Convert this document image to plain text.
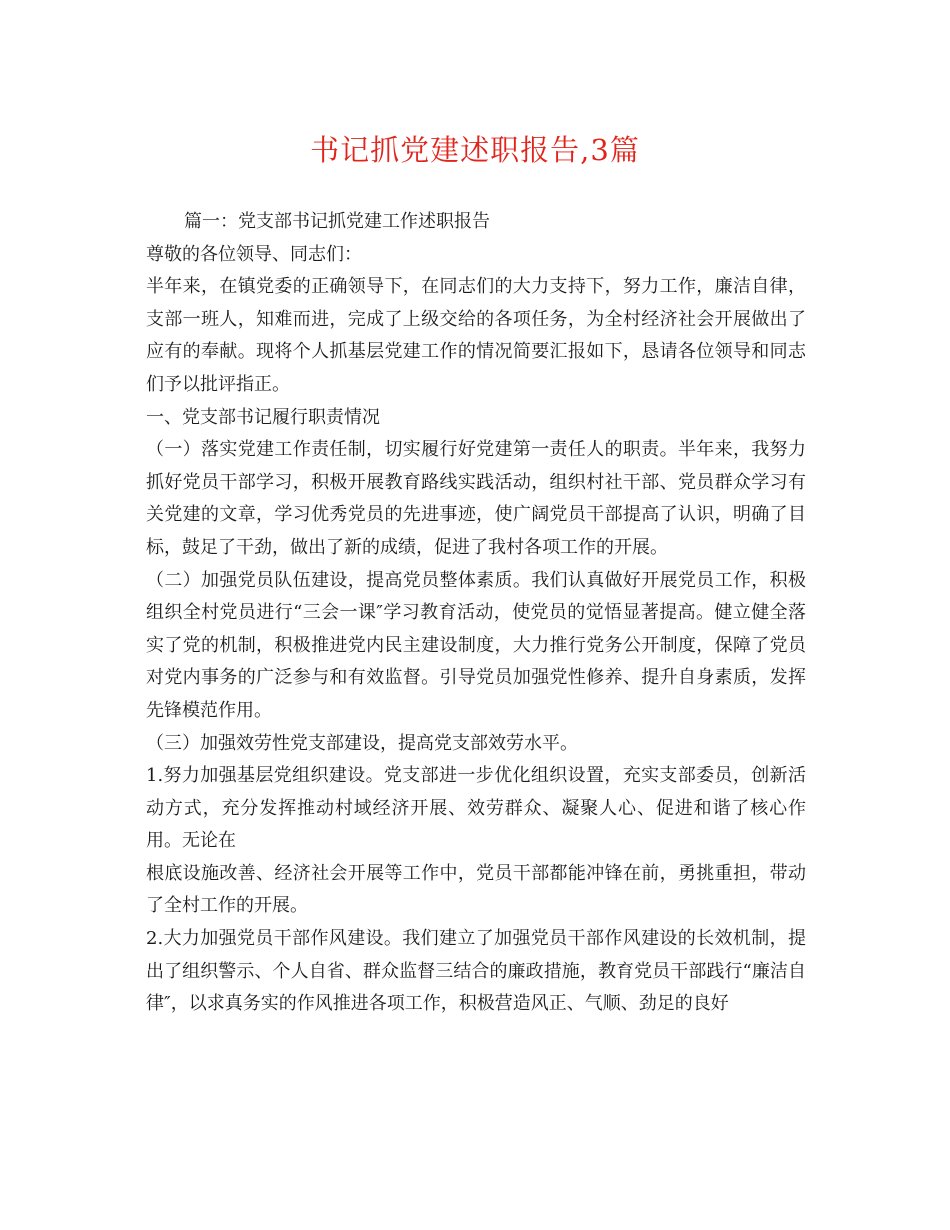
书记抓党建述职报告,3篇

篇一：党支部书记抓党建工作述职报告

尊敬的各位领导、同志们：

半年来，在镇党委的正确领导下，在同志们的大力支持下，努力工作，廉洁自律，支部一班人，知难而进，完成了上级交给的各项任务，为全村经济社会开展做出了应有的奉献。现将个人抓基层党建工作的情况简要汇报如下，恳请各位领导和同志们予以批评指正。

一、党支部书记履行职责情况

（一）落实党建工作责任制，切实履行好党建第一责任人的职责。半年来，我努力抓好党员干部学习，积极开展教育路线实践活动，组织村社干部、党员群众学习有关党建的文章，学习优秀党员的先进事迹，使广阔党员干部提高了认识，明确了目标，鼓足了干劲，做出了新的成绩，促进了我村各项工作的开展。

（二）加强党员队伍建设，提高党员整体素质。我们认真做好开展党员工作，积极组织全村党员进行“三会一课″学习教育活动，使党员的觉悟显著提高。健立健全落实了党的机制，积极推进党内民主建设制度，大力推行党务公开制度，保障了党员对党内事务的广泛参与和有效监督。引导党员加强党性修养、提升自身素质，发挥先锋模范作用。

（三）加强效劳性党支部建设，提高党支部效劳水平。

1.努力加强基层党组织建设。党支部进一步优化组织设置，充实支部委员，创新活动方式，充分发挥推动村域经济开展、效劳群众、凝聚人心、促进和谐了核心作用。无论在

根底设施改善、经济社会开展等工作中，党员干部都能冲锋在前，勇挑重担，带动了全村工作的开展。

2.大力加强党员干部作风建设。我们建立了加强党员干部作风建设的长效机制，提出了组织警示、个人自省、群众监督三结合的廉政措施，教育党员干部践行“廉洁自律″，以求真务实的作风推进各项工作，积极营造风正、气顺、劲足的良好
